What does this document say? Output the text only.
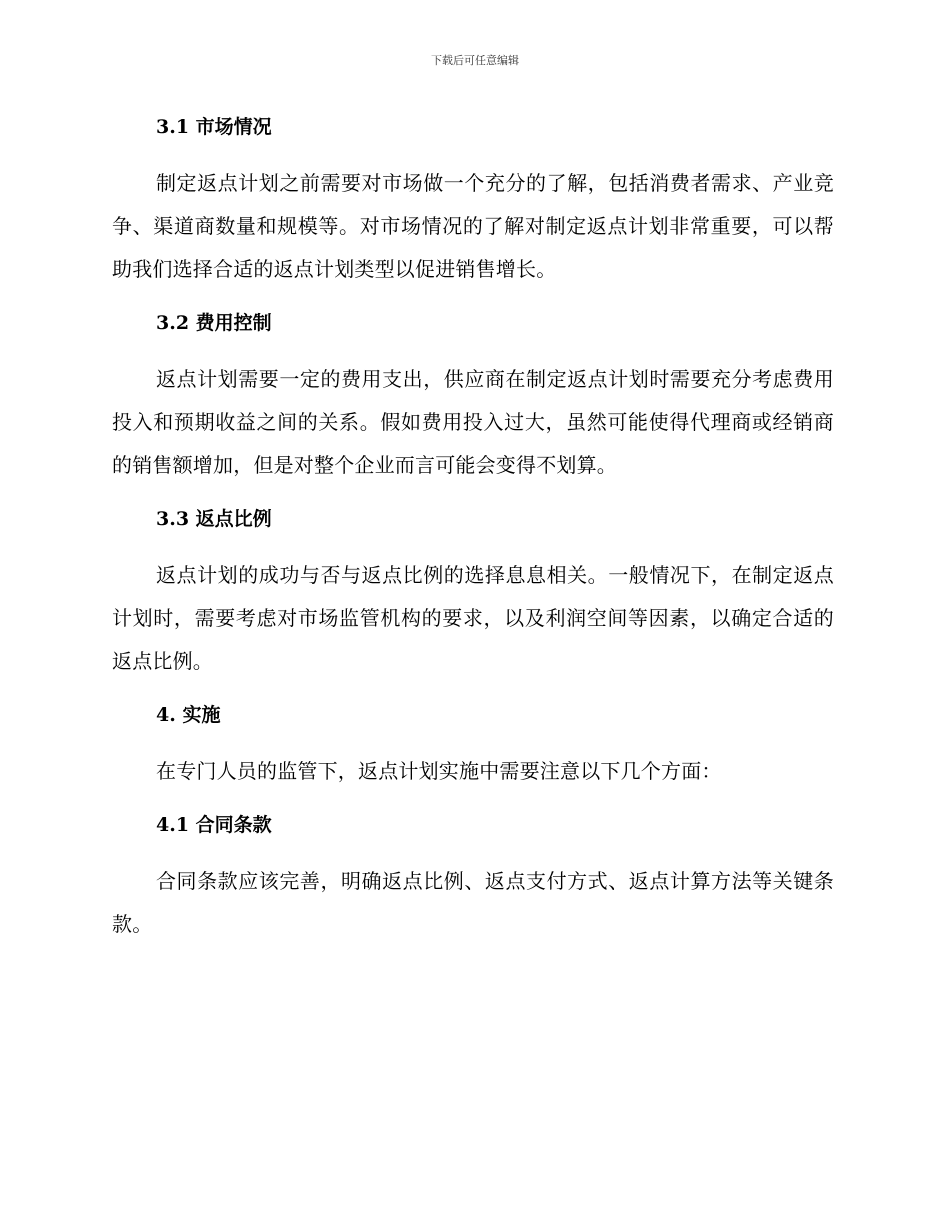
下载后可任意编辑
3.1 市场情况
制定返点计划之前需要对市场做一个充分的了解，包括消费者需求、产业竞争、渠道商数量和规模等。对市场情况的了解对制定返点计划非常重要，可以帮助我们选择合适的返点计划类型以促进销售增长。
3.2 费用控制
返点计划需要一定的费用支出，供应商在制定返点计划时需要充分考虑费用投入和预期收益之间的关系。假如费用投入过大，虽然可能使得代理商或经销商的销售额增加，但是对整个企业而言可能会变得不划算。
3.3 返点比例
返点计划的成功与否与返点比例的选择息息相关。一般情况下，在制定返点计划时，需要考虑对市场监管机构的要求，以及利润空间等因素，以确定合适的返点比例。
4. 实施
在专门人员的监管下，返点计划实施中需要注意以下几个方面：
4.1 合同条款
合同条款应该完善，明确返点比例、返点支付方式、返点计算方法等关键条款。
